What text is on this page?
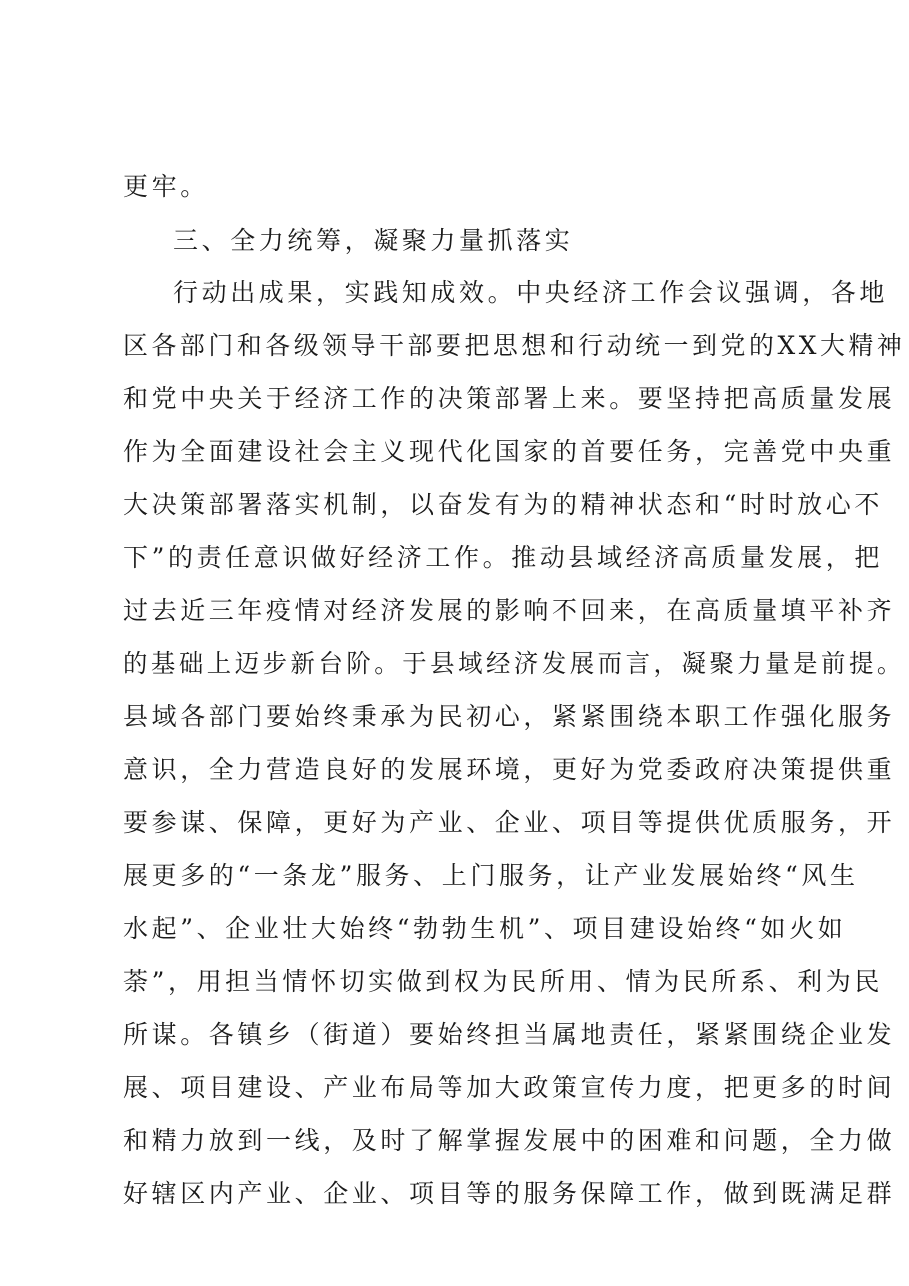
更牢。
三、全力统筹，凝聚力量抓落实
行动出成果，实践知成效。中央经济工作会议强调，各地
区各部门和各级领导干部要把思想和行动统一到党的XX大精神
和党中央关于经济工作的决策部署上来。要坚持把高质量发展
作为全面建设社会主义现代化国家的首要任务，完善党中央重
大决策部署落实机制，以奋发有为的精神状态和“时时放心不
下”的责任意识做好经济工作。推动县域经济高质量发展，把
过去近三年疫情对经济发展的影响不回来，在高质量填平补齐
的基础上迈步新台阶。于县域经济发展而言，凝聚力量是前提。
县域各部门要始终秉承为民初心，紧紧围绕本职工作强化服务
意识，全力营造良好的发展环境，更好为党委政府决策提供重
要参谋、保障，更好为产业、企业、项目等提供优质服务，开
展更多的“一条龙”服务、上门服务，让产业发展始终“风生
水起”、企业壮大始终“勃勃生机”、项目建设始终“如火如
荼”，用担当情怀切实做到权为民所用、情为民所系、利为民
所谋。各镇乡（街道）要始终担当属地责任，紧紧围绕企业发
展、项目建设、产业布局等加大政策宣传力度，把更多的时间
和精力放到一线，及时了解掌握发展中的困难和问题，全力做
好辖区内产业、企业、项目等的服务保障工作，做到既满足群
